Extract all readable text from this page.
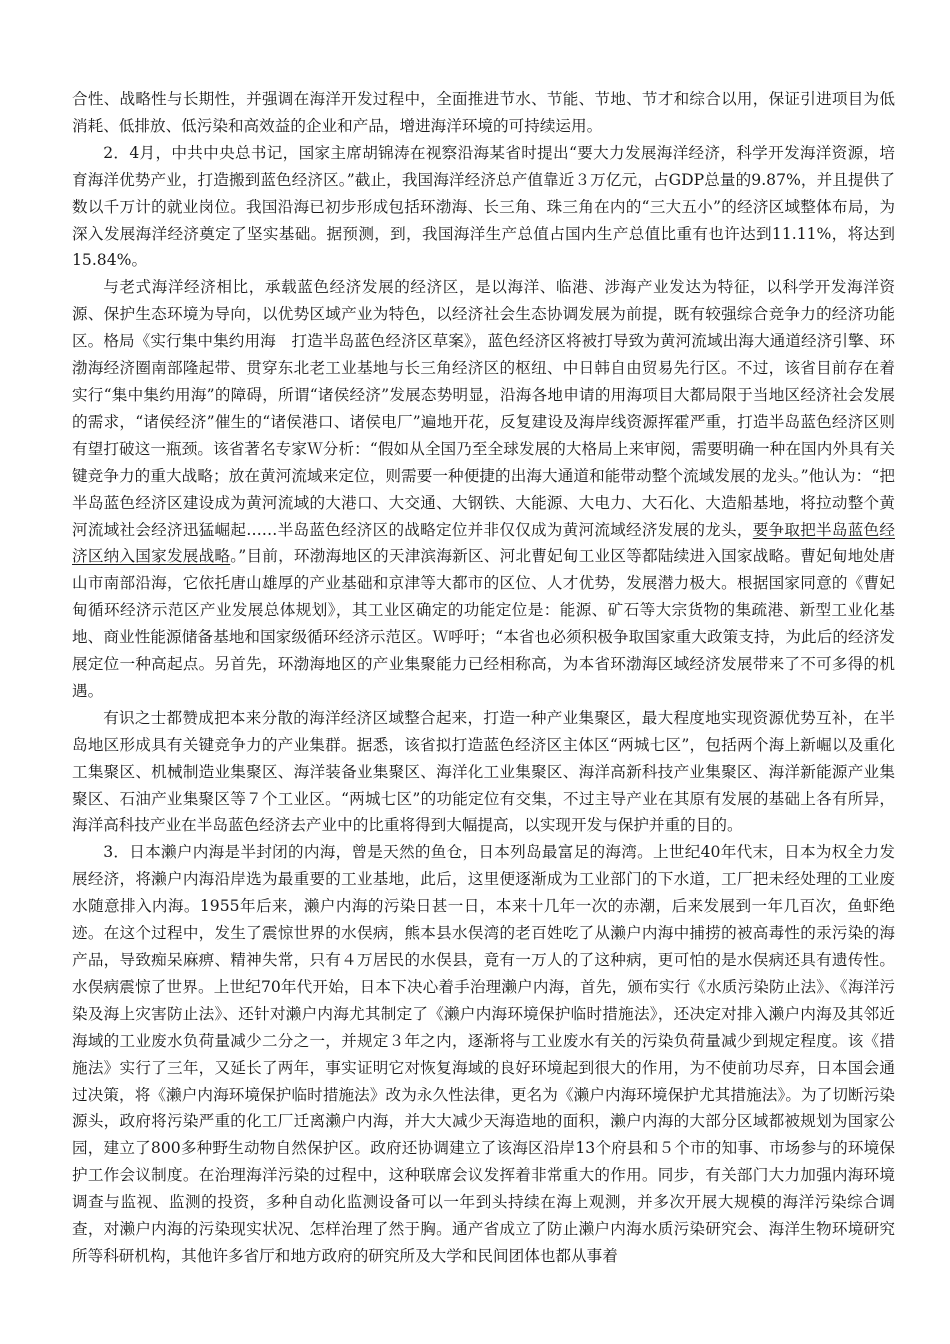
合性、战略性与长期性，并强调在海洋开发过程中，全面推进节水、节能、节地、节才和综合以用，保证引进项目为低消耗、低排放、低污染和高效益的企业和产品，增进海洋环境的可持续运用。

2．4月，中共中央总书记，国家主席胡锦涛在视察沿海某省时提出“要大力发展海洋经济，科学开发海洋资源，培育海洋优势产业，打造搬到蓝色经济区。”截止，我国海洋经济总产值靠近３万亿元，占GDP总量的9.87%，并且提供了数以千万计的就业岗位。我国沿海已初步形成包括环渤海、长三角、珠三角在内的“三大五小”的经济区域整体布局，为深入发展海洋经济奠定了坚实基础。据预测，到，我国海洋生产总值占国内生产总值比重有也许达到11.11%，将达到15.84%。

与老式海洋经济相比，承载蓝色经济发展的经济区，是以海洋、临港、涉海产业发达为特征，以科学开发海洋资源、保护生态环境为导向，以优势区域产业为特色，以经济社会生态协调发展为前提，既有较强综合竞争力的经济功能区。格局《实行集中集约用海　打造半岛蓝色经济区草案》，蓝色经济区将被打导致为黄河流域出海大通道经济引擎、环渤海经济圈南部隆起带、贯穿东北老工业基地与长三角经济区的枢纽、中日韩自由贸易先行区。不过，该省目前存在着实行“集中集约用海”的障碍，所谓“诸侯经济”发展态势明显，沿海各地申请的用海项目大都局限于当地区经济社会发展的需求，“诸侯经济”催生的“诸侯港口、诸侯电厂”遍地开花，反复建设及海岸线资源挥霍严重，打造半岛蓝色经济区则有望打破这一瓶颈。该省著名专家Ｗ分析：“假如从全国乃至全球发展的大格局上来审阅，需要明确一种在国内外具有关键竞争力的重大战略；放在黄河流域来定位，则需要一种便捷的出海大通道和能带动整个流域发展的龙头。”他认为：“把半岛蓝色经济区建设成为黄河流域的大港口、大交通、大钢铁、大能源、大电力、大石化、大造船基地，将拉动整个黄河流域社会经济迅猛崛起……半岛蓝色经济区的战略定位并非仅仅成为黄河流域经济发展的龙头，要争取把半岛蓝色经济区纳入国家发展战略。”目前，环渤海地区的天津滨海新区、河北曹妃甸工业区等都陆续进入国家战略。曹妃甸地处唐山市南部沿海，它依托唐山雄厚的产业基础和京津等大都市的区位、人才优势，发展潜力极大。根据国家同意的《曹妃甸循环经济示范区产业发展总体规划》，其工业区确定的功能定位是：能源、矿石等大宗货物的集疏港、新型工业化基地、商业性能源储备基地和国家级循环经济示范区。Ｗ呼吁；“本省也必须积极争取国家重大政策支持，为此后的经济发展定位一种高起点。另首先，环渤海地区的产业集聚能力已经相称高，为本省环渤海区域经济发展带来了不可多得的机遇。

有识之士都赞成把本来分散的海洋经济区域整合起来，打造一种产业集聚区，最大程度地实现资源优势互补，在半岛地区形成具有关键竞争力的产业集群。据悉，该省拟打造蓝色经济区主体区“两城七区”，包括两个海上新崛以及重化工集聚区、机械制造业集聚区、海洋装备业集聚区、海洋化工业集聚区、海洋高新科技产业集聚区、海洋新能源产业集聚区、石油产业集聚区等７个工业区。“两城七区”的功能定位有交集，不过主导产业在其原有发展的基础上各有所异，海洋高科技产业在半岛蓝色经济去产业中的比重将得到大幅提高，以实现开发与保护并重的目的。

3．日本濑户内海是半封闭的内海，曾是天然的鱼仓，日本列岛最富足的海湾。上世纪40年代末，日本为权全力发展经济，将濑户内海沿岸选为最重要的工业基地，此后，这里便逐渐成为工业部门的下水道，工厂把未经处理的工业废水随意排入内海。1955年后来，濑户内海的污染日甚一日，本来十几年一次的赤潮，后来发展到一年几百次，鱼虾绝迹。在这个过程中，发生了震惊世界的水俣病，熊本县水俣湾的老百姓吃了从濑户内海中捕捞的被高毒性的汞污染的海产品，导致痴呆麻痹、精神失常，只有４万居民的水俣县，竟有一万人的了这种病，更可怕的是水俣病还具有遗传性。水俣病震惊了世界。上世纪70年代开始，日本下决心着手治理濑户内海，首先，颁布实行《水质污染防止法》、《海洋污染及海上灾害防止法》、还针对濑户内海尤其制定了《濑户内海环境保护临时措施法》，还决定对排入濑户内海及其邻近海域的工业废水负荷量减少二分之一，并规定３年之内，逐渐将与工业废水有关的污染负荷量减少到规定程度。该《措施法》实行了三年，又延长了两年，事实证明它对恢复海域的良好环境起到很大的作用，为不使前功尽弃，日本国会通过决策，将《濑户内海环境保护临时措施法》改为永久性法律，更名为《濑户内海环境保护尤其措施法》。为了切断污染源头，政府将污染严重的化工厂迁离濑户内海，并大大减少天海造地的面积，濑户内海的大部分区域都被规划为国家公园，建立了800多种野生动物自然保护区。政府还协调建立了该海区沿岸13个府县和５个市的知事、市场参与的环境保护工作会议制度。在治理海洋污染的过程中，这种联席会议发挥着非常重大的作用。同步，有关部门大力加强内海环境调查与监视、监测的投资，多种自动化监测设备可以一年到头持续在海上观测，并多次开展大规模的海洋污染综合调查，对濑户内海的污染现实状况、怎样治理了然于胸。通产省成立了防止濑户内海水质污染研究会、海洋生物环境研究所等科研机构，其他许多省厅和地方政府的研究所及大学和民间团体也都从事着
